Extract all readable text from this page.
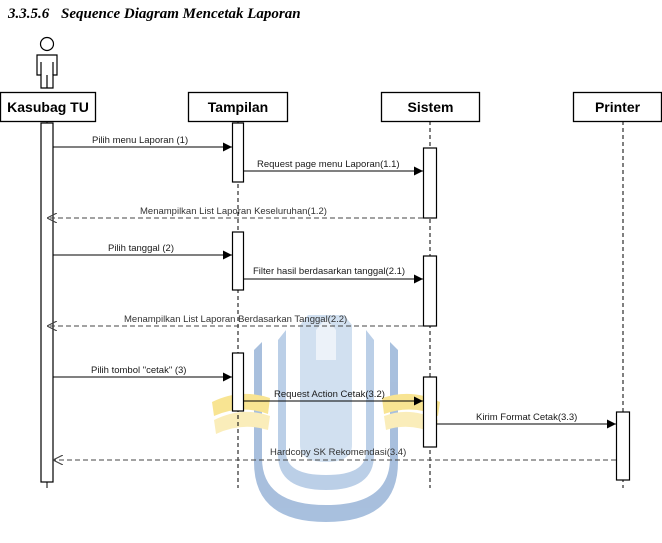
3.3.5.6 Sequence Diagram Mencetak Laporan
Kasubag TU	Tampilan	Sistem	Printer
Pilih menu Laporan (1)
Request page menu Laporan(1.1)
Menampilkan List Laporan Keseluruhan(1.2)
Pilih tanggal (2)
Filter hasil berdasarkan tanggal(2.1)
Menampilkan List Laporan Berdasarkan Tanggal(2.2)
Pilih tombol "cetak" (3)
Request Action Cetak(3.2)
Kirim Format Cetak(3.3)
Hardcopy SK Rekomendasi(3.4)
